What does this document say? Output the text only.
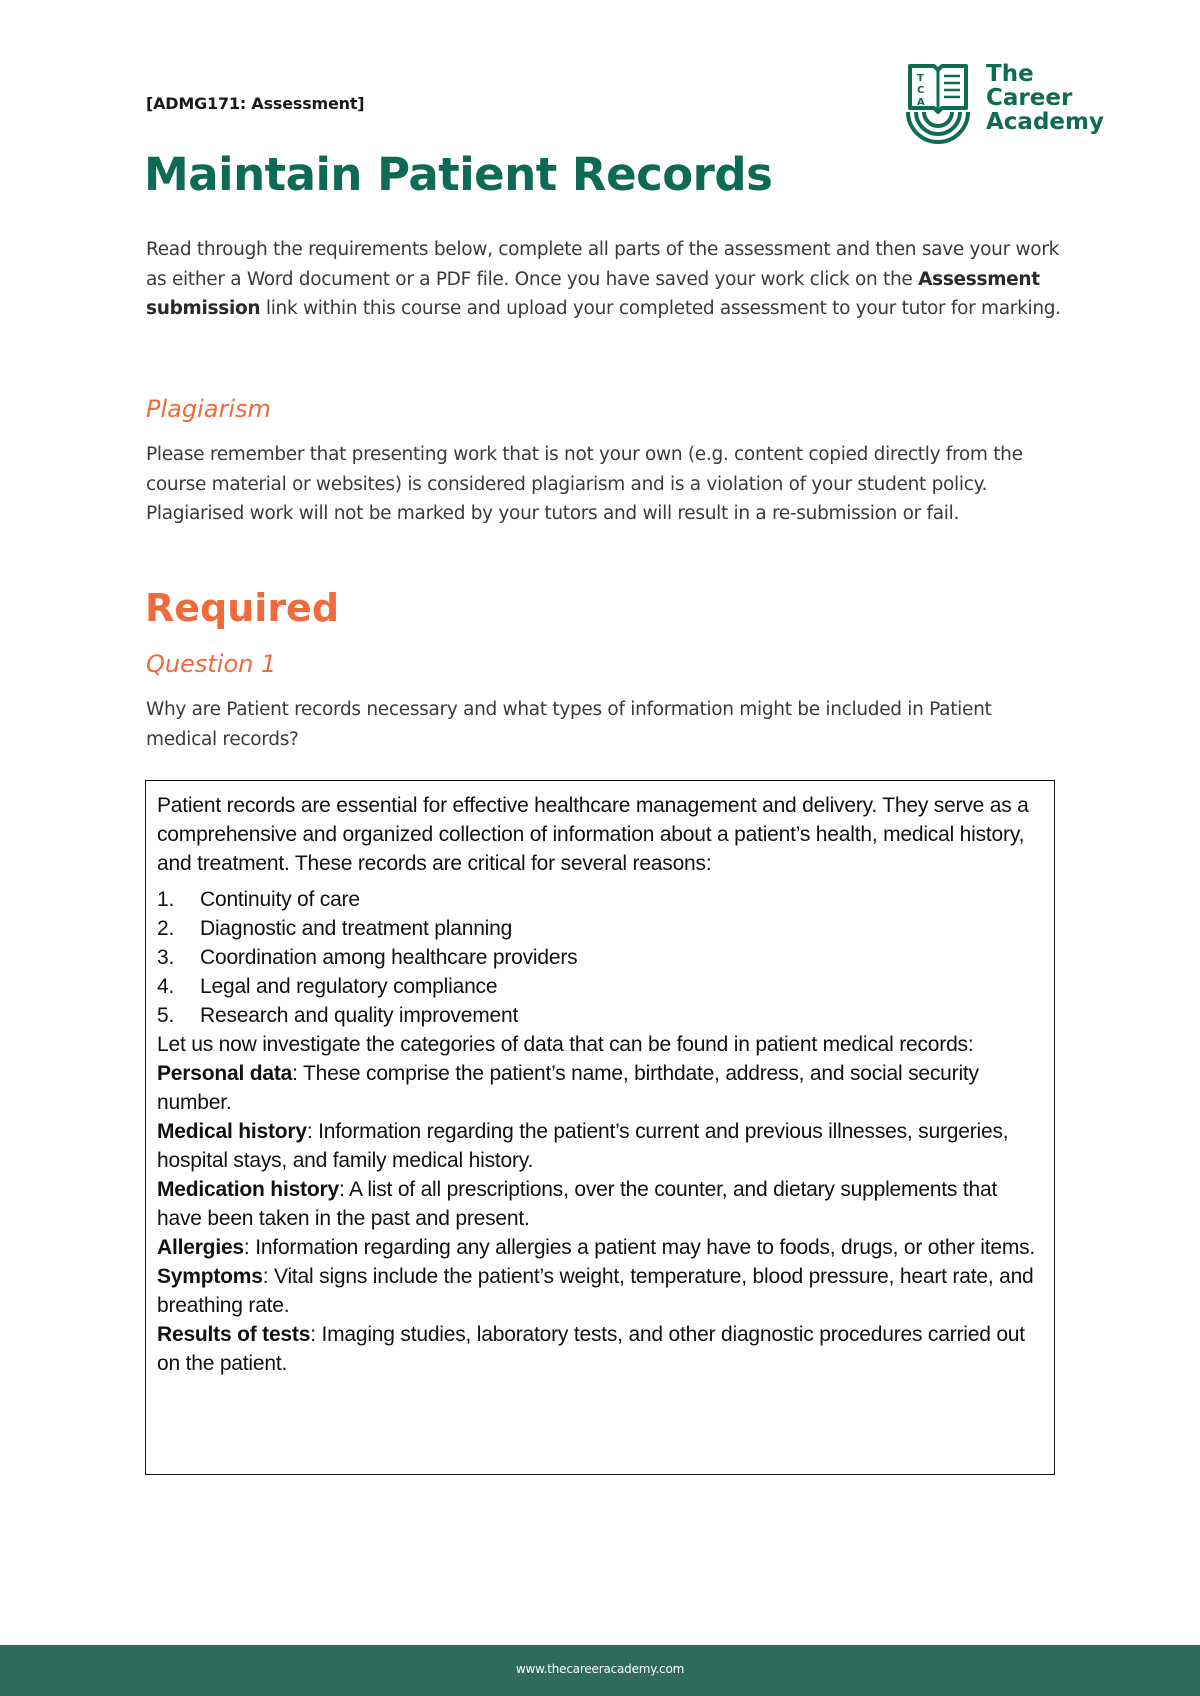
[ADMG171: Assessment]
T
C
A
The
Career
Academy
Maintain Patient Records

Read through the requirements below, complete all parts of the assessment and then save your work as either a Word document or a PDF file. Once you have saved your work click on the Assessment submission link within this course and upload your completed assessment to your tutor for marking.

Plagiarism
Please remember that presenting work that is not your own (e.g. content copied directly from the course material or websites) is considered plagiarism and is a violation of your student policy.
Plagiarised work will not be marked by your tutors and will result in a re-submission or fail.
Required
Question 1

Why are Patient records necessary and what types of information might be included in Patient medical records?

Patient records are essential for effective healthcare management and delivery. They serve as a comprehensive and organized collection of information about a patient’s health, medical history, and treatment. These records are critical for several reasons:

1. Continuity of care
2. Diagnostic and treatment planning
3. Coordination among healthcare providers
4. Legal and regulatory compliance
5. Research and quality improvement

Let us now investigate the categories of data that can be found in patient medical records:

Personal data: These comprise the patient’s name, birthdate, address, and social security number.

Medical history: Information regarding the patient’s current and previous illnesses, surgeries, hospital stays, and family medical history.

Medication history: A list of all prescriptions, over the counter, and dietary supplements that have been taken in the past and present.

Allergies: Information regarding any allergies a patient may have to foods, drugs, or other items.

Symptoms: Vital signs include the patient’s weight, temperature, blood pressure, heart rate, and breathing rate.

Results of tests: Imaging studies, laboratory tests, and other diagnostic procedures carried out on the patient.

www.thecareeracademy.com
